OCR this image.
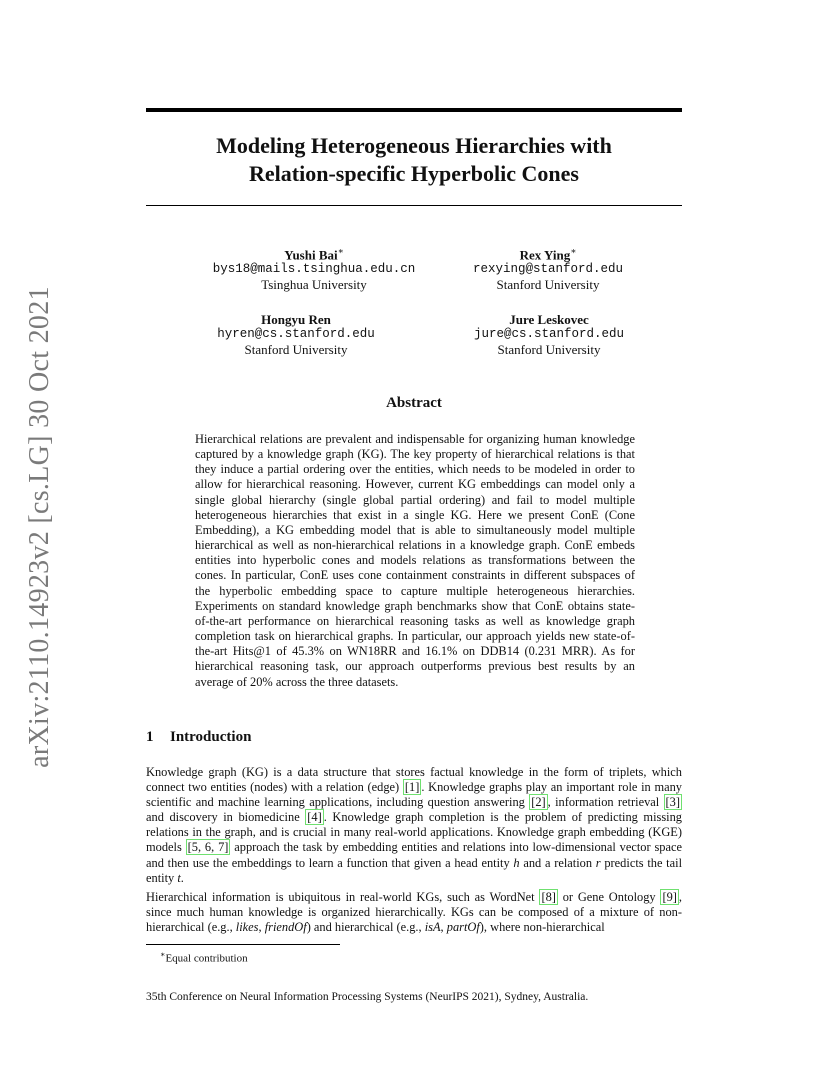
arXiv:2110.14923v2 [cs.LG] 30 Oct 2021
Modeling Heterogeneous Hierarchies with
Relation-specific Hyperbolic Cones
Yushi Bai∗
bys18@mails.tsinghua.edu.cn
Tsinghua University
Rex Ying∗
rexying@stanford.edu
Stanford University
Hongyu Ren
hyren@cs.stanford.edu
Stanford University
Jure Leskovec
jure@cs.stanford.edu
Stanford University
Abstract
Hierarchical relations are prevalent and indispensable for organizing human knowledge captured by a knowledge graph (KG). The key property of hierarchical relations is that they induce a partial ordering over the entities, which needs to be modeled in order to allow for hierarchical reasoning. However, current KG embeddings can model only a single global hierarchy (single global partial ordering) and fail to model multiple heterogeneous hierarchies that exist in a single KG. Here we present ConE (Cone Embedding), a KG embedding model that is able to simultaneously model multiple hierarchical as well as non-hierarchical relations in a knowledge graph. ConE embeds entities into hyperbolic cones and models relations as transformations between the cones. In particular, ConE uses cone containment constraints in different subspaces of the hyperbolic embedding space to capture multiple heterogeneous hierarchies. Experiments on standard knowledge graph benchmarks show that ConE obtains state-of-the-art performance on hierarchical reasoning tasks as well as knowledge graph completion task on hierarchical graphs. In particular, our approach yields new state-of-the-art Hits@1 of 45.3% on WN18RR and 16.1% on DDB14 (0.231 MRR). As for hierarchical reasoning task, our approach outperforms previous best results by an average of 20% across the three datasets.
1 Introduction
Knowledge graph (KG) is a data structure that stores factual knowledge in the form of triplets, which connect two entities (nodes) with a relation (edge) [1] . Knowledge graphs play an important role in many scientific and machine learning applications, including question answering [2] , information retrieval [3] and discovery in biomedicine [4] . Knowledge graph completion is the problem of predicting missing relations in the graph, and is crucial in many real-world applications. Knowledge graph embedding (KGE) models [5, 6, 7] approach the task by embedding entities and relations into low-dimensional vector space and then use the embeddings to learn a function that given a head entity h and a relation r predicts the tail entity t.
Hierarchical information is ubiquitous in real-world KGs, such as WordNet [8] or Gene Ontology [9] , since much human knowledge is organized hierarchically. KGs can be composed of a mixture of non-hierarchical (e.g., likes, friendOf) and hierarchical (e.g., isA, partOf), where non-hierarchical
∗Equal contribution
35th Conference on Neural Information Processing Systems (NeurIPS 2021), Sydney, Australia.
